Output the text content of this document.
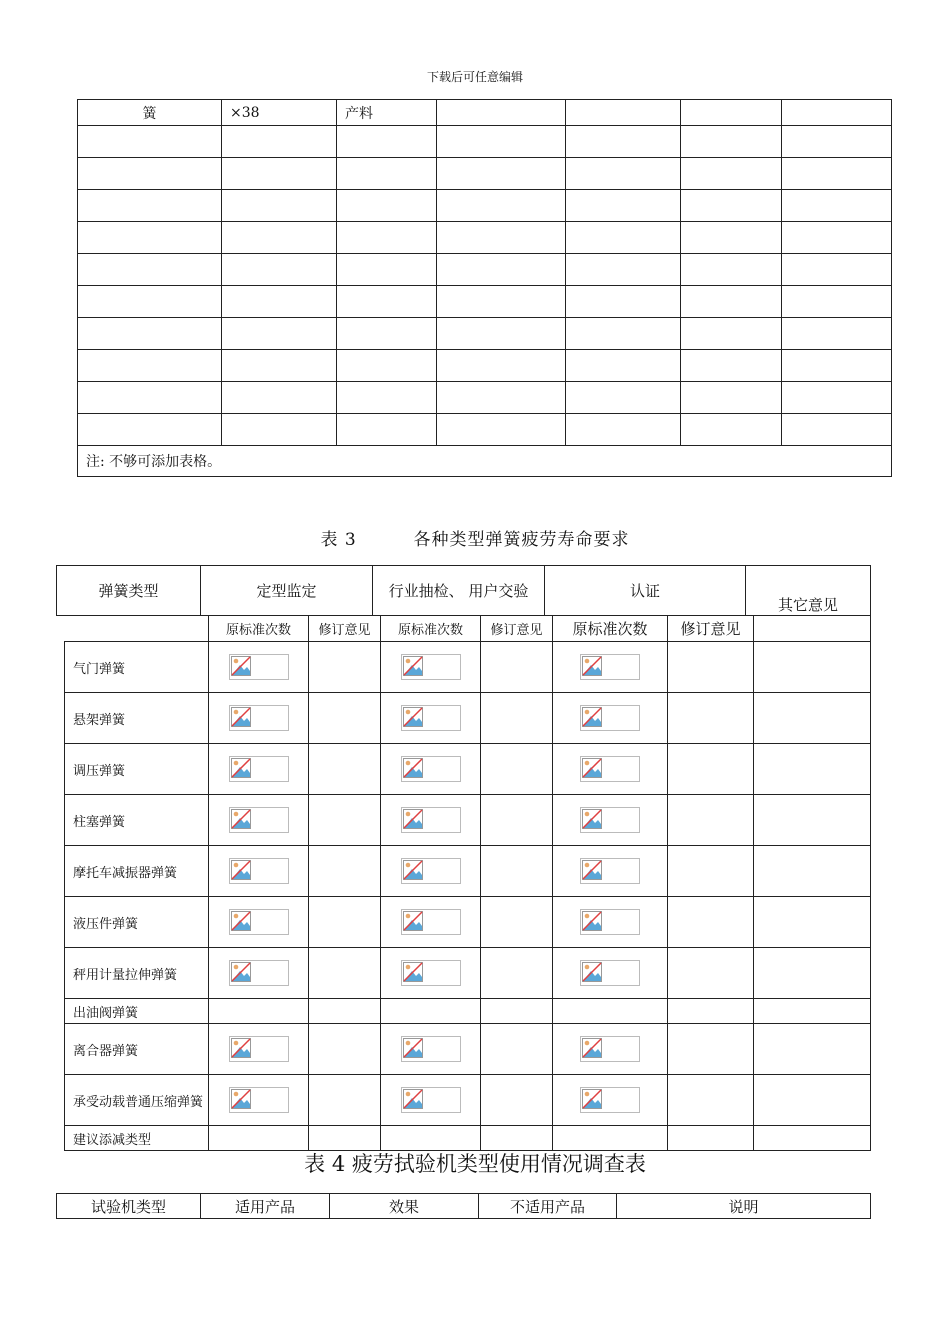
下载后可任意编辑
簧	×38	产料				

注: 不够可添加表格。						
表 3	各种类型弹簧疲劳寿命要求
弹簧类型	定型监定	行业抽检、 用户交验	认证	其它意见
	原标准次数	修订意见	原标准次数	修订意见	原标准次数	修订意见	
气门弹簧	

悬架弹簧	

调压弹簧	

柱塞弹簧	

摩托车减振器弹簧	

液压件弹簧	

秤用计量拉伸弹簧	

出油阀弹簧							
离合器弹簧	

承受动载普通压缩弹簧	

建议添减类型							
表 4 疲劳拭验机类型使用情况调查表
试验机类型	适用产品	效果	不适用产品	说明
